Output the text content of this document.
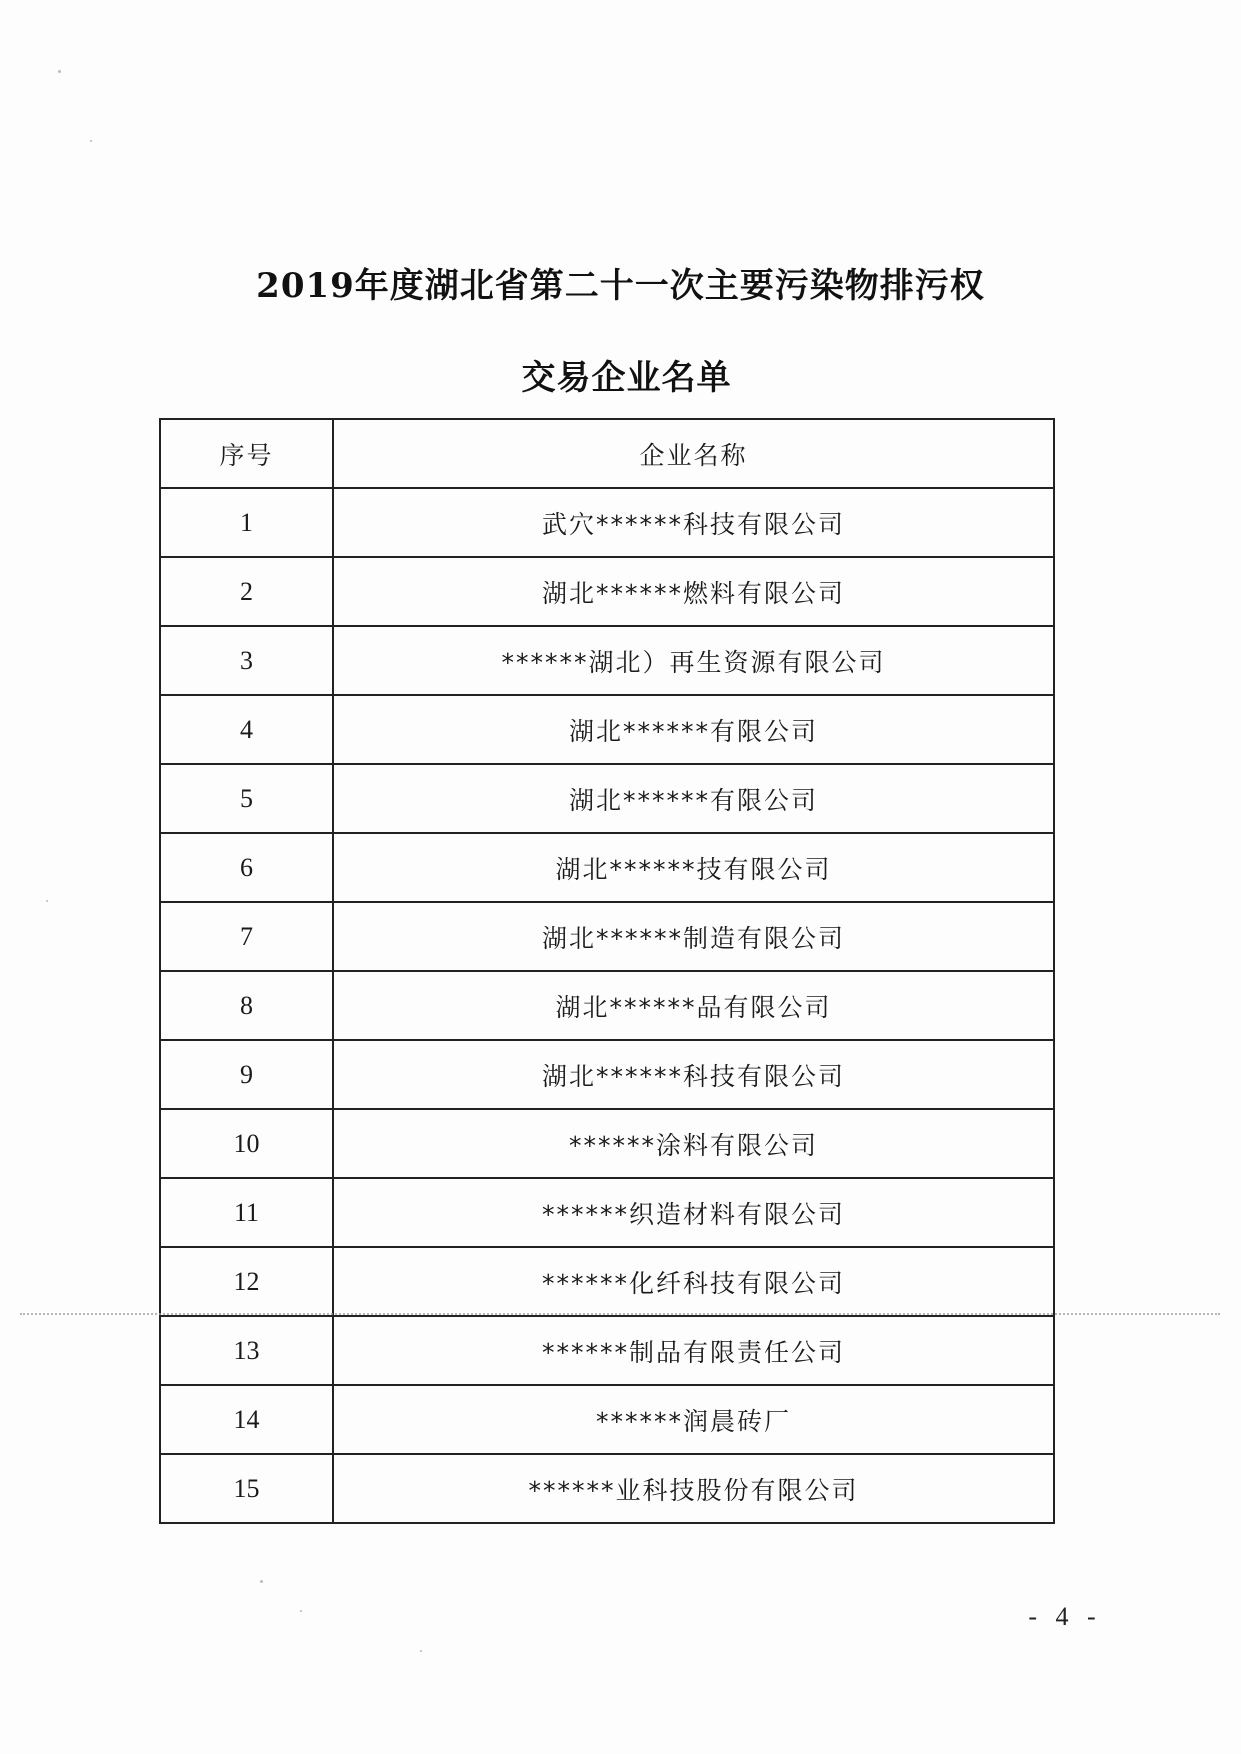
2019年度湖北省第二十一次主要污染物排污权
交易企业名单
序号	企业名称
1	武穴******科技有限公司
2	湖北******燃料有限公司
3	******湖北）再生资源有限公司
4	湖北******有限公司
5	湖北******有限公司
6	湖北******技有限公司
7	湖北******制造有限公司
8	湖北******品有限公司
9	湖北******科技有限公司
10	******涂料有限公司
11	******织造材料有限公司
12	******化纤科技有限公司
13	******制品有限责任公司
14	******润晨砖厂
15	******业科技股份有限公司
- 4 -
